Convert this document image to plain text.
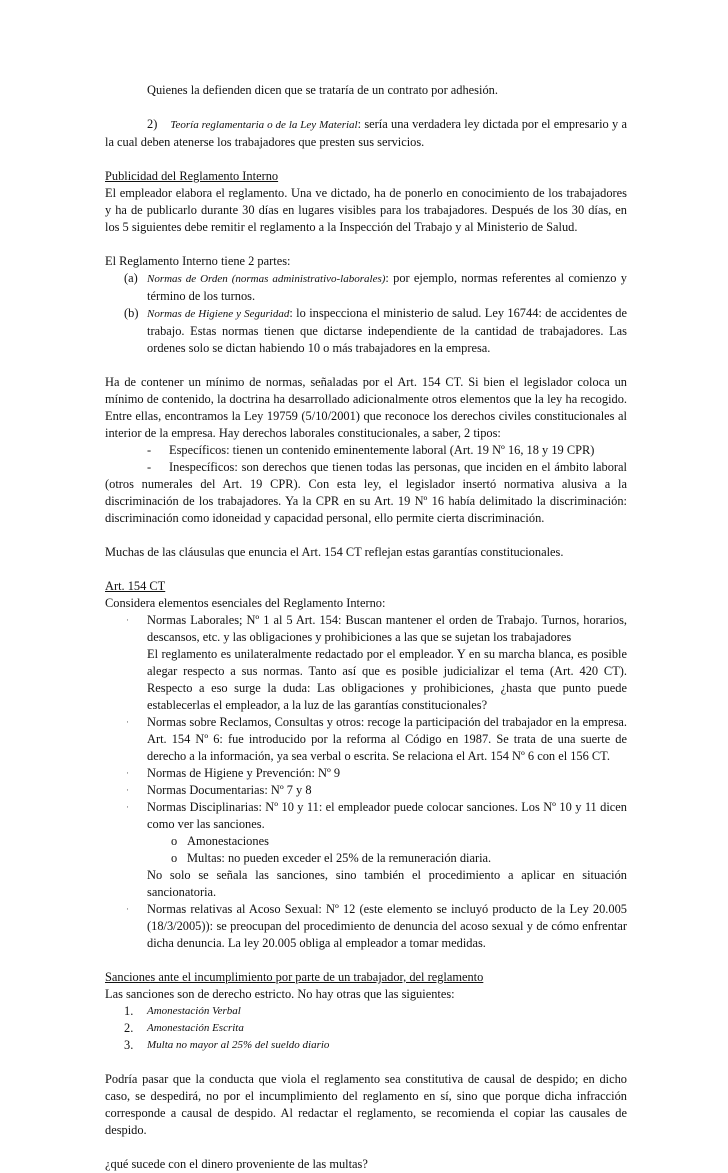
Quienes la defienden dicen que se trataría de un contrato por adhesión.

2) Teoría reglamentaria o de la Ley Material: sería una verdadera ley dictada por el empresario y a la cual deben atenerse los trabajadores que presten sus servicios.

Publicidad del Reglamento Interno

El empleador elabora el reglamento. Una ve dictado, ha de ponerlo en conocimiento de los trabajadores y ha de publicarlo durante 30 días en lugares visibles para los trabajadores. Después de los 30 días, en los 5 siguientes debe remitir el reglamento a la Inspección del Trabajo y al Ministerio de Salud.

El Reglamento Interno tiene 2 partes:

(a) Normas de Orden (normas administrativo-laborales): por ejemplo, normas referentes al comienzo y término de los turnos.
(b) Normas de Higiene y Seguridad: lo inspecciona el ministerio de salud. Ley 16744: de accidentes de trabajo. Estas normas tienen que dictarse independiente de la cantidad de trabajadores. Las ordenes solo se dictan habiendo 10 o más trabajadores en la empresa.

Ha de contener un mínimo de normas, señaladas por el Art. 154 CT. Si bien el legislador coloca un mínimo de contenido, la doctrina ha desarrollado adicionalmente otros elementos que la ley ha recogido. Entre ellas, encontramos la Ley 19759 (5/10/2001) que reconoce los derechos civiles constitucionales al interior de la empresa. Hay derechos laborales constitucionales, a saber, 2 tipos:

-	Específicos: tienen un contenido eminentemente laboral (Art. 19 Nº 16, 18 y 19 CPR)

- Inespecíficos: son derechos que tienen todas las personas, que inciden en el ámbito laboral (otros numerales del Art. 19 CPR). Con esta ley, el legislador insertó normativa alusiva a la discriminación de los trabajadores. Ya la CPR en su Art. 19 Nº 16 había delimitado la discriminación: discriminación como idoneidad y capacidad personal, ello permite cierta discriminación.

Muchas de las cláusulas que enuncia el Art. 154 CT reflejan estas garantías constitucionales.

Art. 154 CT

Considera elementos esenciales del Reglamento Interno:

·	Normas Laborales; Nº 1 al 5 Art. 154: Buscan mantener el orden de Trabajo. Turnos, horarios, descansos, etc. y las obligaciones y prohibiciones a las que se sujetan los trabajadores

El reglamento es unilateralmente redactado por el empleador. Y en su marcha blanca, es posible alegar respecto a sus normas. Tanto así que es posible judicializar el tema (Art. 420 CT). Respecto a eso surge la duda: Las obligaciones y prohibiciones, ¿hasta que punto puede establecerlas el empleador, a la luz de las garantías constitucionales?

·	Normas sobre Reclamos, Consultas y otros: recoge la participación del trabajador en la empresa. Art. 154 Nº 6: fue introducido por la reforma al Código en 1987. Se trata de una suerte de derecho a la información, ya sea verbal o escrita. Se relaciona el Art. 154 Nº 6 con el 156 CT.
·	Normas de Higiene y Prevención: Nº 9
·	Normas Documentarias: Nº 7 y 8
·	Normas Disciplinarias: Nº 10 y 11: el empleador puede colocar sanciones. Los Nº 10 y 11 dicen como ver las sanciones.
o Amonestaciones
o Multas: no pueden exceder el 25% de la remuneración diaria.

No solo se señala las sanciones, sino también el procedimiento a aplicar en situación sancionatoria.

·	Normas relativas al Acoso Sexual: Nº 12 (este elemento se incluyó producto de la Ley 20.005 (18/3/2005)): se preocupan del procedimiento de denuncia del acoso sexual y de cómo enfrentar dicha denuncia. La ley 20.005 obliga al empleador a tomar medidas.

Sanciones ante el incumplimiento por parte de un trabajador, del reglamento

Las sanciones son de derecho estricto. No hay otras que las siguientes:

1.	Amonestación Verbal
2.	Amonestación Escrita
3.	Multa no mayor al 25% del sueldo diario

Podría pasar que la conducta que viola el reglamento sea constitutiva de causal de despido; en dicho caso, se despedirá, no por el incumplimiento del reglamento en sí, sino que porque dicha infracción corresponde a causal de despido. Al redactar el reglamento, se recomienda el copiar las causales de despido.

¿qué sucede con el dinero proveniente de las multas?
